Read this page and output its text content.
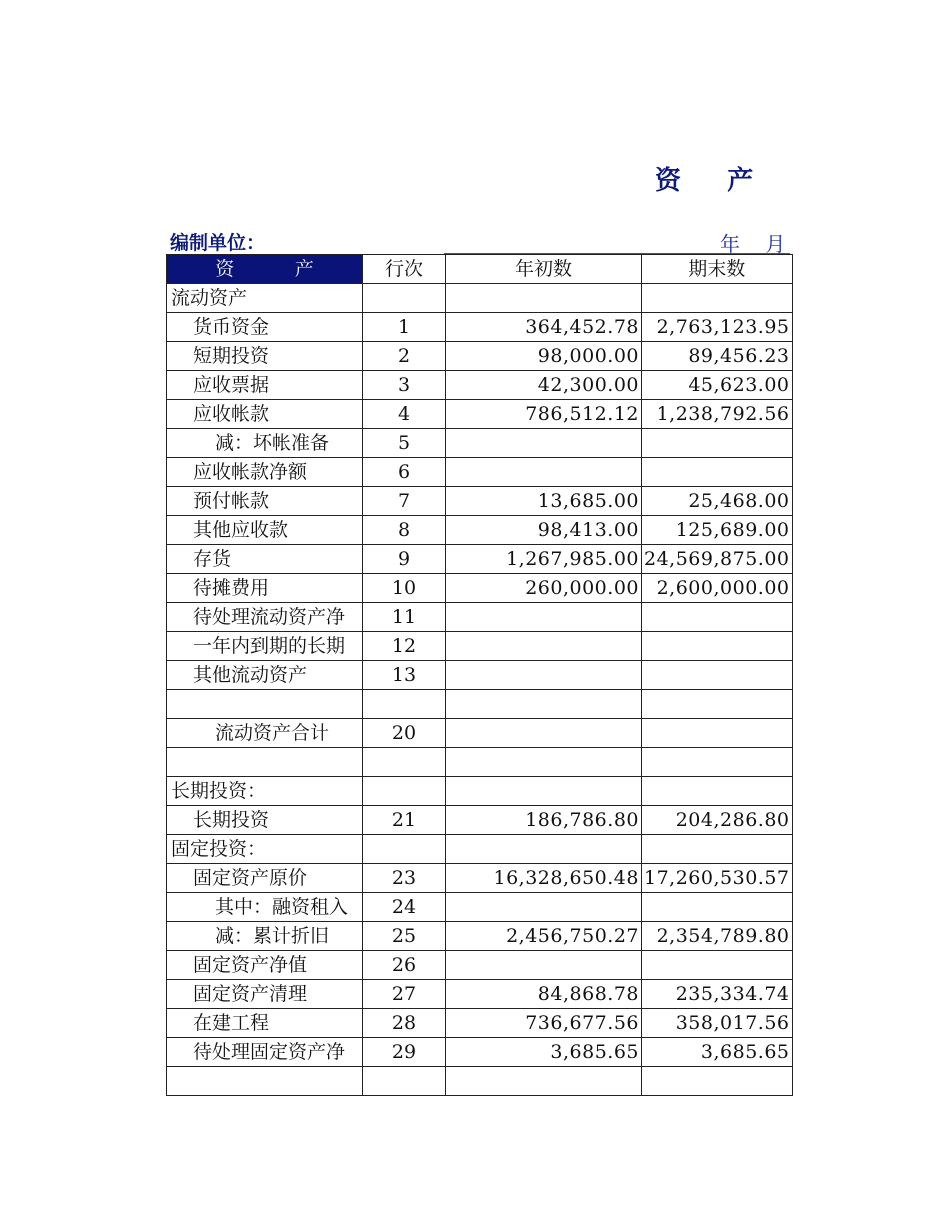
资    产
编制单位：	年    月
资          产	行次	年初数	期末数
流动资产			
货币资金	1	364,452.78	2,763,123.95
短期投资	2	98,000.00	89,456.23
应收票据	3	42,300.00	45,623.00
应收帐款	4	786,512.12	1,238,792.56
减：坏帐准备	5		
应收帐款净额	6		
预付帐款	7	13,685.00	25,468.00
其他应收款	8	98,413.00	125,689.00
存货	9	1,267,985.00	24,569,875.00
待摊费用	10	260,000.00	2,600,000.00
待处理流动资产净	11		
一年内到期的长期	12		
其他流动资产	13		

流动资产合计	20		

长期投资：			
长期投资	21	186,786.80	204,286.80
固定投资：			
固定资产原价	23	16,328,650.48	17,260,530.57
其中：融资租入	24		
减：累计折旧	25	2,456,750.27	2,354,789.80
固定资产净值	26		
固定资产清理	27	84,868.78	235,334.74
在建工程	28	736,677.56	358,017.56
待处理固定资产净	29	3,685.65	3,685.65
